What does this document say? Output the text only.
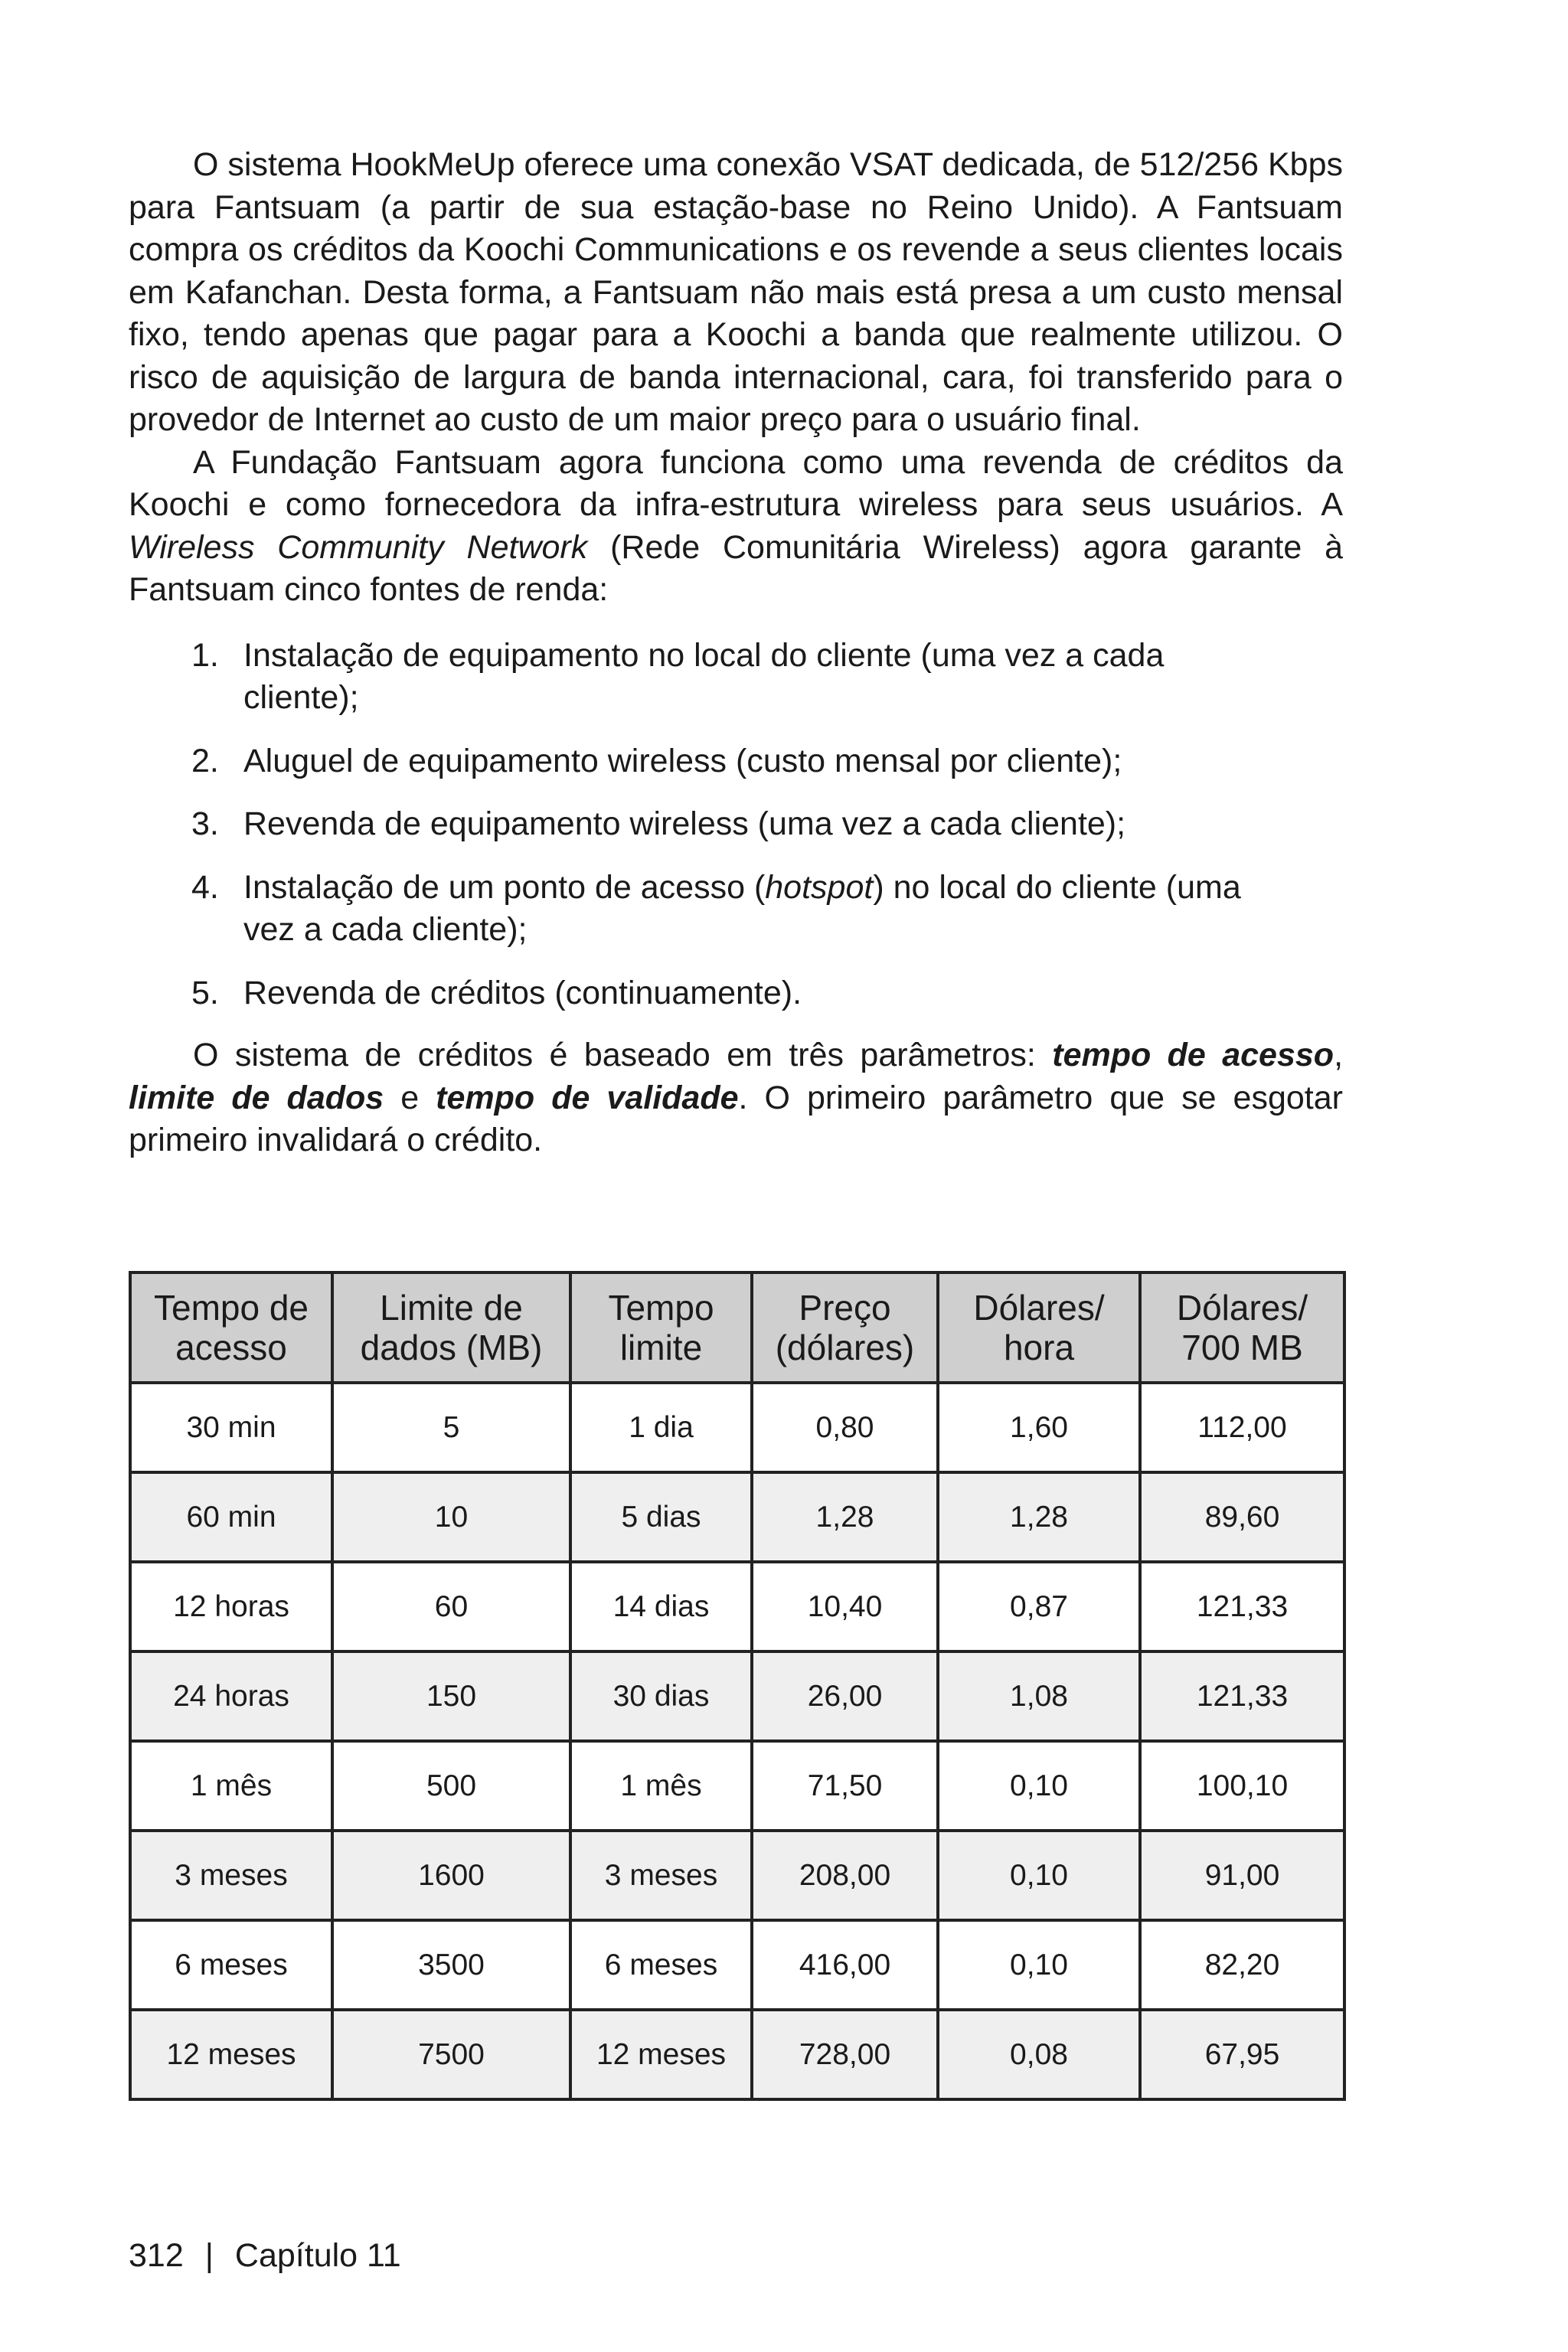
O sistema HookMeUp oferece uma conexão VSAT dedicada, de 512/256 Kbps para Fantsuam (a partir de sua estação-base no Reino Unido). A Fantsuam compra os créditos da Koochi Communications e os revende a seus clientes locais em Kafanchan. Desta forma, a Fantsuam não mais está presa a um custo mensal fixo, tendo apenas que pagar para a Koochi a banda que realmente utilizou. O risco de aquisição de largura de banda internacional, cara, foi transferido para o provedor de Internet ao custo de um maior preço para o usuário final.

A Fundação Fantsuam agora funciona como uma revenda de créditos da Koochi e como fornecedora da infra-estrutura wireless para seus usuários. A Wireless Community Network (Rede Comunitária Wireless) agora garante à Fantsuam cinco fontes de renda:

1. Instalação de equipamento no local do cliente (uma vez a cada cliente);
2. Aluguel de equipamento wireless (custo mensal por cliente);
3. Revenda de equipamento wireless (uma vez a cada cliente);
4. Instalação de um ponto de acesso (hotspot) no local do cliente (uma vez a cada cliente);
5. Revenda de créditos (continuamente).

O sistema de créditos é baseado em três parâmetros: tempo de acesso, limite de dados e tempo de validade. O primeiro parâmetro que se esgotar primeiro invalidará o crédito.

Tempo de
acesso	Limite de
dados (MB)	Tempo
limite	Preço
(dólares)	Dólares/
hora	Dólares/
700 MB
30 min	5	1 dia	0,80	1,60	112,00
60 min	10	5 dias	1,28	1,28	89,60
12 horas	60	14 dias	10,40	0,87	121,33
24 horas	150	30 dias	26,00	1,08	121,33
1 mês	500	1 mês	71,50	0,10	100,10
3 meses	1600	3 meses	208,00	0,10	91,00
6 meses	3500	6 meses	416,00	0,10	82,20
12 meses	7500	12 meses	728,00	0,08	67,95
312 | Capítulo 11
